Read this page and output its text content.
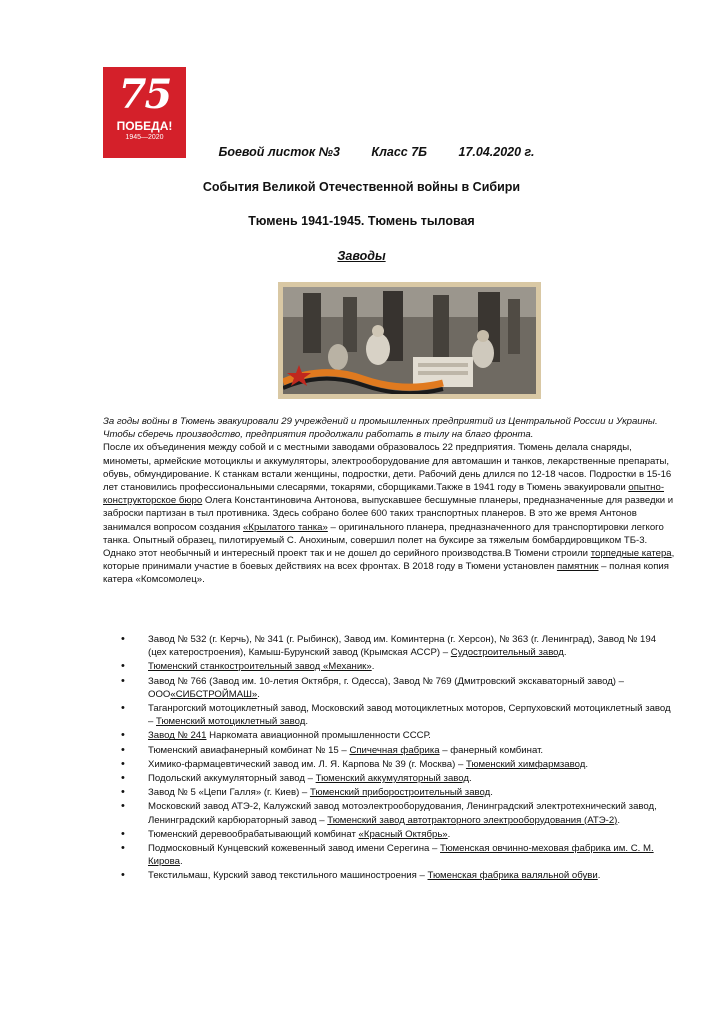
75
ПОБЕДА!
1945—2020
Боевой листок №3	Класс 7Б	17.04.2020 г.
События Великой Отечественной войны в Сибири
Тюмень 1941-1945. Тюмень тыловая
Заводы

За годы войны в Тюмень эвакуировали 29 учреждений и промышленных предприятий из Центральной России и Украины. Чтобы сберечь производство, предприятия продолжали работать в тылу на благо фронта.

После их объединения между собой и с местными заводами образовалось 22 предприятия. Тюмень делала снаряды, минометы, армейские мотоциклы и аккумуляторы, электрооборудование для автомашин и танков, лекарственные препараты, обувь, обмундирование. К станкам встали женщины, подростки, дети. Рабочий день длился по 12-18 часов. Подростки в 15-16 лет становились профессиональными слесарями, токарями, сборщиками.Также в 1941 году в Тюмень эвакуировали опытно-конструкторское бюро Олега Константиновича Антонова, выпускавшее бесшумные планеры, предназначенные для разведки и заброски партизан в тыл противника. Здесь собрано более 600 таких транспортных планеров. В это же время Антонов занимался вопросом создания «Крылатого танка» – оригинального планера, предназначенного для транспортировки легкого танка. Опытный образец, пилотируемый С. Анохиным, совершил полет на буксире за тяжелым бомбардировщиком ТБ-3. Однако этот необычный и интересный проект так и не дошел до серийного производства.В Тюмени строили торпедные катера, которые принимали участие в боевых действиях на всех фронтах. В 2018 году в Тюмени установлен памятник – полная копия катера «Комсомолец».

• Завод № 532 (г. Керчь), № 341 (г. Рыбинск), Завод им. Коминтерна (г. Херсон), № 363 (г. Ленинград), Завод № 194 (цех катеростроения), Камыш-Бурунский завод (Крымская АССР) – Судостроительный завод.
• Тюменский станкостроительный завод «Механик».
• Завод № 766 (Завод им. 10-летия Октября, г. Одесса), Завод № 769 (Дмитровский экскаваторный завод) – ООО«СИБСТРОЙМАШ».
• Таганрогский мотоциклетный завод, Московский завод мотоциклетных моторов, Серпуховский мотоциклетный завод – Тюменский мотоциклетный завод.
• Завод № 241 Наркомата авиационной промышленности СССР.
• Тюменский авиафанерный комбинат № 15 – Спичечная фабрика – фанерный комбинат.
• Химико-фармацевтический завод им. Л. Я. Карпова № 39 (г. Москва) – Тюменский химфармзавод.
• Подольский аккумуляторный завод – Тюменский аккумуляторный завод.
• Завод № 5 «Цепи Галля» (г. Киев) – Тюменский приборостроительный завод.
• Московский завод АТЭ-2, Калужский завод мотоэлектрооборудования, Ленинградский электротехнический завод, Ленинградский карбюраторный завод – Тюменский завод автотракторного электрооборудования (АТЭ-2).
• Тюменский деревообрабатывающий комбинат «Красный Октябрь».
• Подмосковный Кунцевский кожевенный завод имени Серегина – Тюменская овчинно-меховая фабрика им. С. М. Кирова.
• Текстильмаш, Курский завод текстильного машиностроения – Тюменская фабрика валяльной обуви.
